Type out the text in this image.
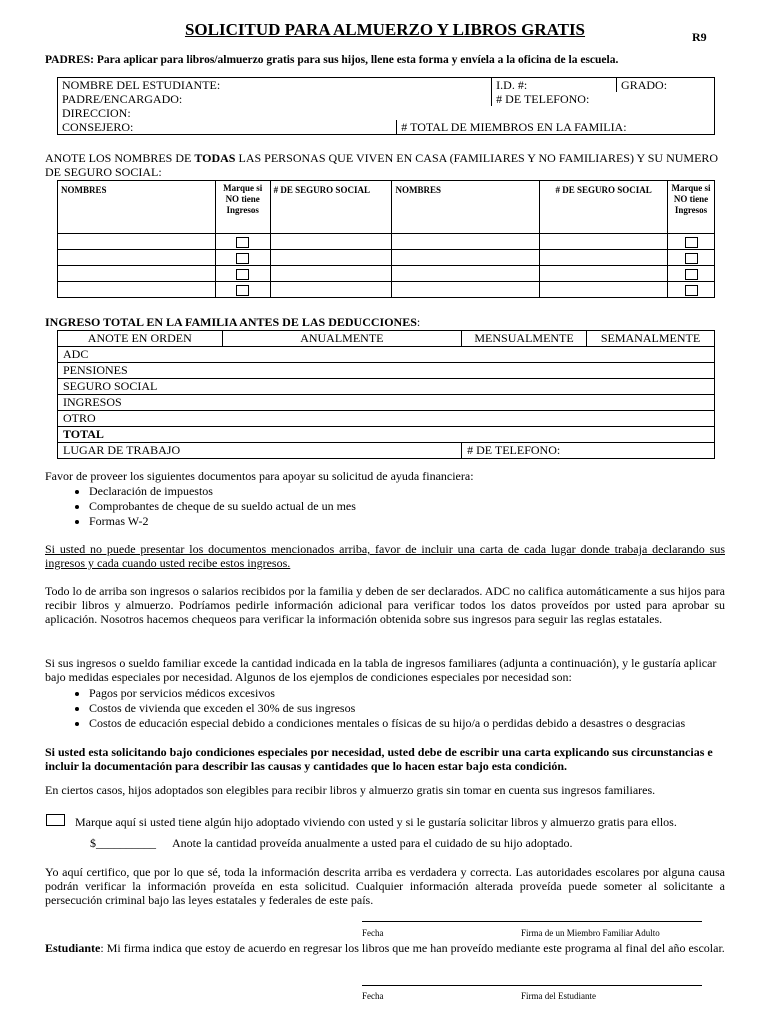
SOLICITUD PARA ALMUERZO Y LIBROS GRATIS	R9
PADRES: Para aplicar para libros/almuerzo gratis para sus hijos, llene esta forma y envíela a la oficina de la escuela.
NOMBRE DEL ESTUDIANTE:		I.D. #:	GRADO:
PADRE/ENCARGADO:		# DE TELEFONO:	
DIRECCION:			
CONSEJERO:	# TOTAL DE MIEMBROS EN LA FAMILIA:		
ANOTE LOS NOMBRES DE TODAS LAS PERSONAS QUE VIVEN EN CASA (FAMILIARES Y NO FAMILIARES) Y SU NUMERO DE SEGURO SOCIAL:
NOMBRES	Marque si NO tiene Ingresos	# DE SEGURO SOCIAL	NOMBRES	# DE SEGURO SOCIAL	Marque si NO tiene Ingresos

INGRESO TOTAL EN LA FAMILIA ANTES DE LAS DEDUCCIONES:
ANOTE EN ORDEN	ANUALMENTE	MENSUALMENTE	SEMANALMENTE
ADC			
PENSIONES			
SEGURO SOCIAL			
INGRESOS			
OTRO			
TOTAL			
LUGAR DE TRABAJO		# DE TELEFONO:	
Favor de proveer los siguientes documentos para apoyar su solicitud de ayuda financiera:
• Declaración de impuestos
• Comprobantes de cheque de su sueldo actual de un mes
• Formas W-2
Si usted no puede presentar los documentos mencionados arriba, favor de incluir una carta de cada lugar donde trabaja declarando sus ingresos y cada cuando usted recibe estos ingresos.
Todo lo de arriba son ingresos o salarios recibidos por la familia y deben de ser declarados. ADC no califica automáticamente a sus hijos para recibir libros y almuerzo. Podríamos pedirle información adicional para verificar todos los datos proveídos por usted para aprobar su aplicación. Nosotros hacemos chequeos para verificar la información obtenida sobre sus ingresos para seguir las reglas estatales.
Si sus ingresos o sueldo familiar excede la cantidad indicada en la tabla de ingresos familiares (adjunta a continuación), y le gustaría aplicar bajo medidas especiales por necesidad. Algunos de los ejemplos de condiciones especiales por necesidad son:
• Pagos por servicios médicos excesivos
• Costos de vivienda que exceden el 30% de sus ingresos
• Costos de educación especial debido a condiciones mentales o físicas de su hijo/a o perdidas debido a desastres o desgracias
Si usted esta solicitando bajo condiciones especiales por necesidad, usted debe de escribir una carta explicando sus circunstancias e incluir la documentación para describir las causas y cantidades que lo hacen estar bajo esta condición.
En ciertos casos, hijos adoptados son elegibles para recibir libros y almuerzo gratis sin tomar en cuenta sus ingresos familiares.
Marque aquí si usted tiene algún hijo adoptado viviendo con usted y si le gustaría solicitar libros y almuerzo gratis para ellos.
$__________ Anote la cantidad proveída anualmente a usted para el cuidado de su hijo adoptado.
Yo aquí certifico, que por lo que sé, toda la información descrita arriba es verdadera y correcta. Las autoridades escolares por alguna causa podrán verificar la información proveída en esta solicitud. Cualquier información alterada proveída puede someter al solicitante a persecución criminal bajo las leyes estatales y federales de este país.
Fecha	Firma de un Miembro Familiar Adulto
Estudiante: Mi firma indica que estoy de acuerdo en regresar los libros que me han proveído mediante este programa al final del año escolar.
Fecha	Firma del Estudiante
